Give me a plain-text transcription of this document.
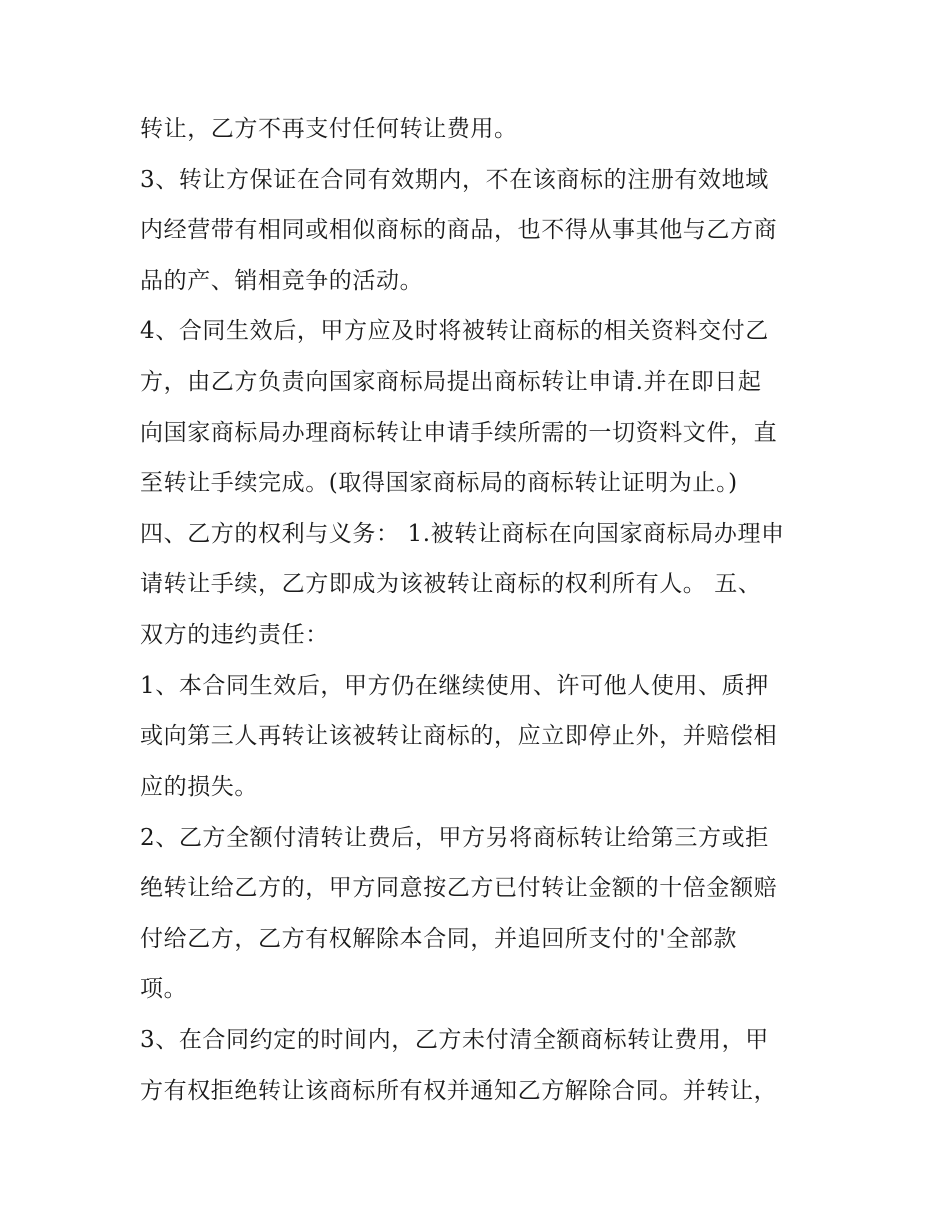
转让，乙方不再支付任何转让费用。
3、转让方保证在合同有效期内，不在该商标的注册有效地域
内经营带有相同或相似商标的商品，也不得从事其他与乙方商
品的产、销相竞争的活动。
4、合同生效后，甲方应及时将被转让商标的相关资料交付乙
方，由乙方负责向国家商标局提出商标转让申请.并在即日起
向国家商标局办理商标转让申请手续所需的一切资料文件，直
至转让手续完成。(取得国家商标局的商标转让证明为止。)
四、乙方的权利与义务： 1.被转让商标在向国家商标局办理申
请转让手续，乙方即成为该被转让商标的权利所有人。 五、
双方的违约责任：
1、本合同生效后，甲方仍在继续使用、许可他人使用、质押
或向第三人再转让该被转让商标的，应立即停止外，并赔偿相
应的损失。
2、乙方全额付清转让费后，甲方另将商标转让给第三方或拒
绝转让给乙方的，甲方同意按乙方已付转让金额的十倍金额赔
付给乙方，乙方有权解除本合同，并追回所支付的'全部款
项。
3、在合同约定的时间内，乙方未付清全额商标转让费用，甲
方有权拒绝转让该商标所有权并通知乙方解除合同。并转让，
